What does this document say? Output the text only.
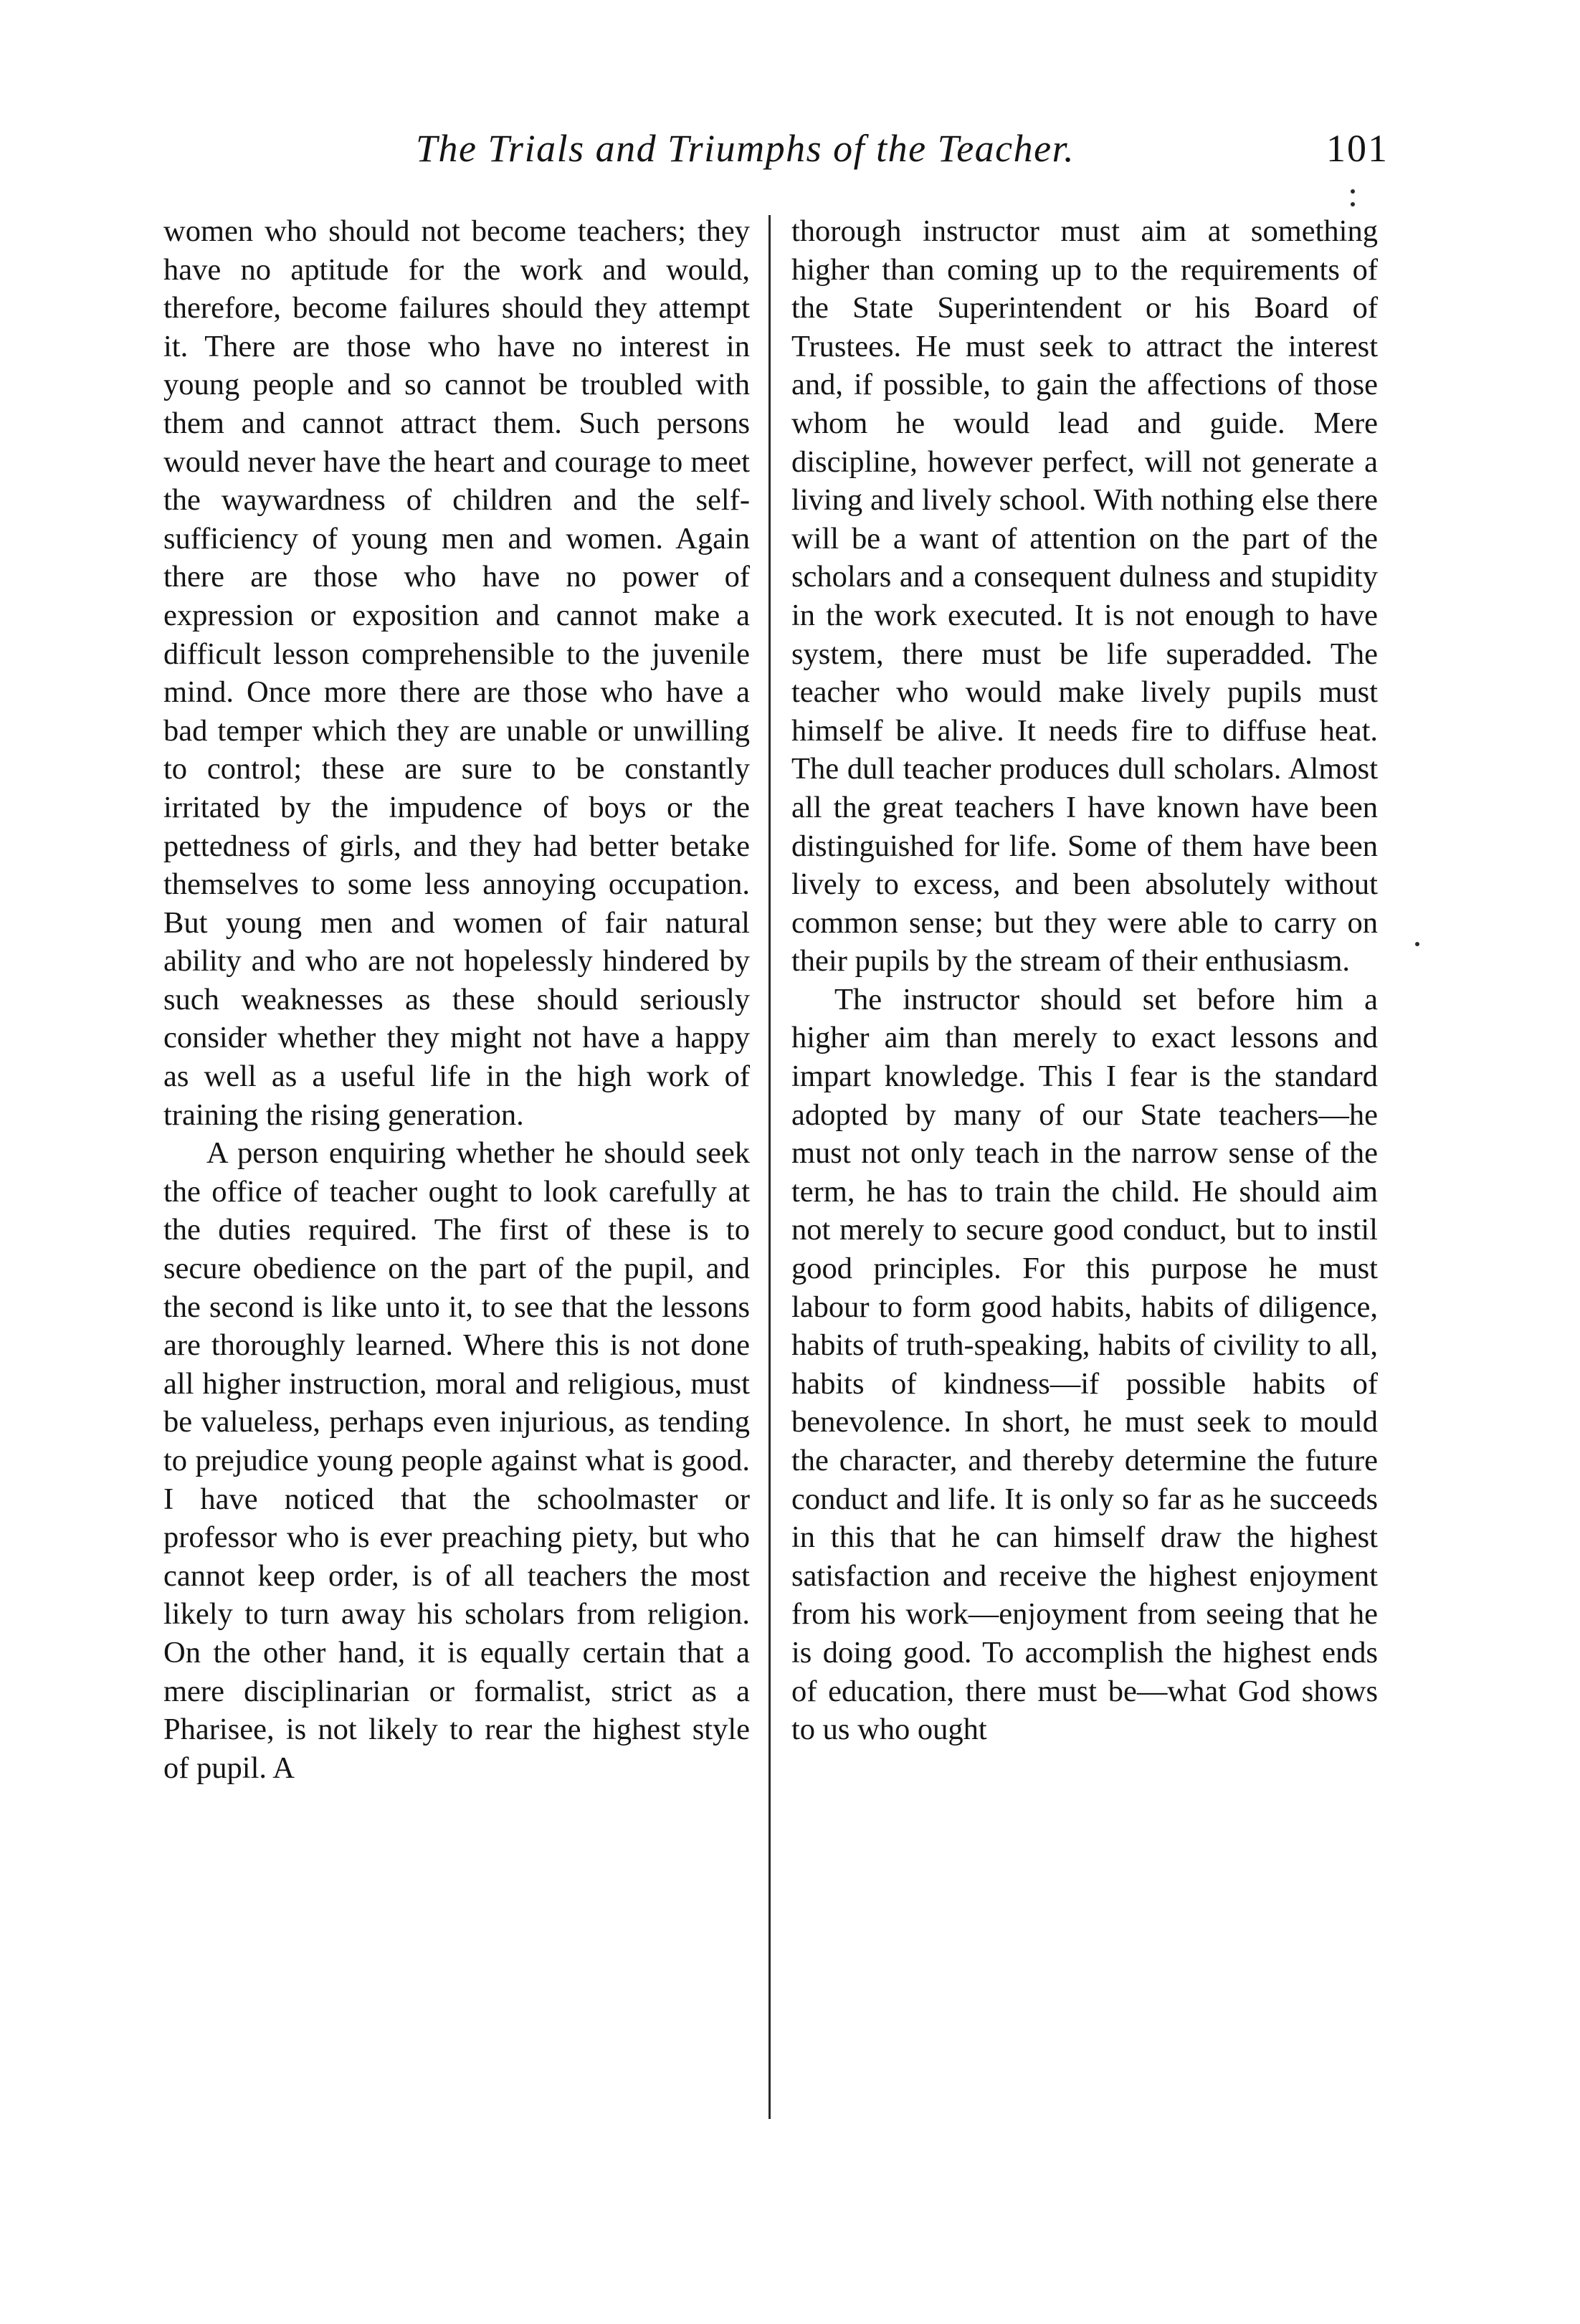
The Trials and Triumphs of the Teacher.	101

women who should not become teachers; they have no aptitude for the work and would, therefore, become failures should they attempt it. There are those who have no interest in young people and so cannot be troubled with them and cannot attract them. Such persons would never have the heart and courage to meet the waywardness of children and the self-sufficiency of young men and women. Again there are those who have no power of expression or exposition and cannot make a difficult lesson comprehensible to the juvenile mind. Once more there are those who have a bad temper which they are unable or unwilling to control; these are sure to be constantly irritated by the impudence of boys or the pettedness of girls, and they had better betake themselves to some less annoying occupation. But young men and women of fair natural ability and who are not hopelessly hindered by such weaknesses as these should seriously consider whether they might not have a happy as well as a useful life in the high work of training the rising generation.

A person enquiring whether he should seek the office of teacher ought to look carefully at the duties required. The first of these is to secure obedience on the part of the pupil, and the second is like unto it, to see that the lessons are thoroughly learned. Where this is not done all higher instruction, moral and religious, must be valueless, perhaps even injurious, as tending to prejudice young people against what is good. I have noticed that the schoolmaster or professor who is ever preaching piety, but who cannot keep order, is of all teachers the most likely to turn away his scholars from religion. On the other hand, it is equally certain that a mere disciplinarian or formalist, strict as a Pharisee, is not likely to rear the highest style of pupil. A

thorough instructor must aim at something higher than coming up to the requirements of the State Superintendent or his Board of Trustees. He must seek to attract the interest and, if possible, to gain the affections of those whom he would lead and guide. Mere discipline, however perfect, will not generate a living and lively school. With nothing else there will be a want of attention on the part of the scholars and a consequent dulness and stupidity in the work executed. It is not enough to have system, there must be life superadded. The teacher who would make lively pupils must himself be alive. It needs fire to diffuse heat. The dull teacher produces dull scholars. Almost all the great teachers I have known have been distinguished for life. Some of them have been lively to excess, and been absolutely without common sense; but they were able to carry on their pupils by the stream of their enthusiasm.

The instructor should set before him a higher aim than merely to exact lessons and impart knowledge. This I fear is the standard adopted by many of our State teachers—he must not only teach in the narrow sense of the term, he has to train the child. He should aim not merely to secure good conduct, but to instil good principles. For this purpose he must labour to form good habits, habits of diligence, habits of truth-speaking, habits of civility to all, habits of kindness—if possible habits of benevolence. In short, he must seek to mould the character, and thereby determine the future conduct and life. It is only so far as he succeeds in this that he can himself draw the highest satisfaction and receive the highest enjoyment from his work—enjoyment from seeing that he is doing good. To accomplish the highest ends of education, there must be—what God shows to us who ought
